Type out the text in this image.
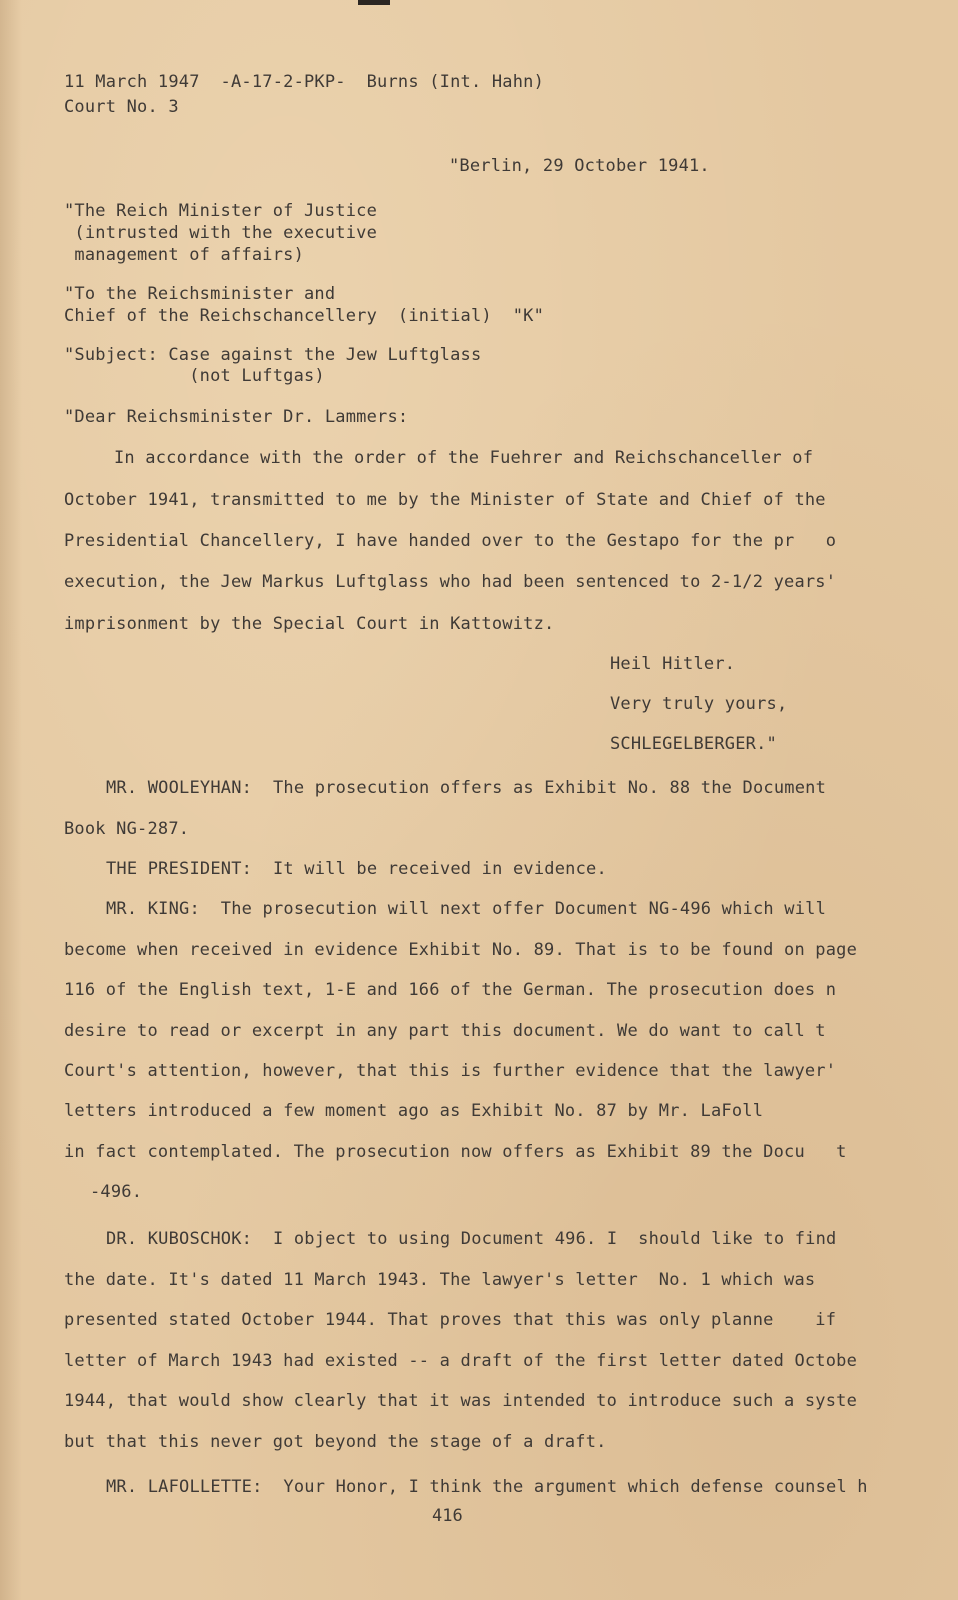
11 March 1947  -A-17-2-PKP-  Burns (Int. Hahn)
Court No. 3
"Berlin, 29 October 1941.
"The Reich Minister of Justice
(intrusted with the executive
management of affairs)
"To the Reichsminister and
Chief of the Reichschancellery  (initial)  "K"
"Subject: Case against the Jew Luftglass
(not Luftgas)
"Dear Reichsminister Dr. Lammers:
In accordance with the order of the Fuehrer and Reichschanceller of
October 1941, transmitted to me by the Minister of State and Chief of the
Presidential Chancellery, I have handed over to the Gestapo for the pr   o
execution, the Jew Markus Luftglass who had been sentenced to 2-1/2 years'
imprisonment by the Special Court in Kattowitz.
Heil Hitler.
Very truly yours,
SCHLEGELBERGER."
MR. WOOLEYHAN:  The prosecution offers as Exhibit No. 88 the Document
Book NG-287.
THE PRESIDENT:  It will be received in evidence.
MR. KING:  The prosecution will next offer Document NG-496 which will
become when received in evidence Exhibit No. 89. That is to be found on page
116 of the English text, 1-E and 166 of the German. The prosecution does n
desire to read or excerpt in any part this document. We do want to call t
Court's attention, however, that this is further evidence that the lawyer'
letters introduced a few moment ago as Exhibit No. 87 by Mr. LaFoll
in fact contemplated. The prosecution now offers as Exhibit 89 the Docu   t
-496.
DR. KUBOSCHOK:  I object to using Document 496. I  should like to find
the date. It's dated 11 March 1943. The lawyer's letter  No. 1 which was
presented stated October 1944. That proves that this was only planne    if
letter of March 1943 had existed -- a draft of the first letter dated Octobe
1944, that would show clearly that it was intended to introduce such a syste
but that this never got beyond the stage of a draft.
MR. LAFOLLETTE:  Your Honor, I think the argument which defense counsel h
416
